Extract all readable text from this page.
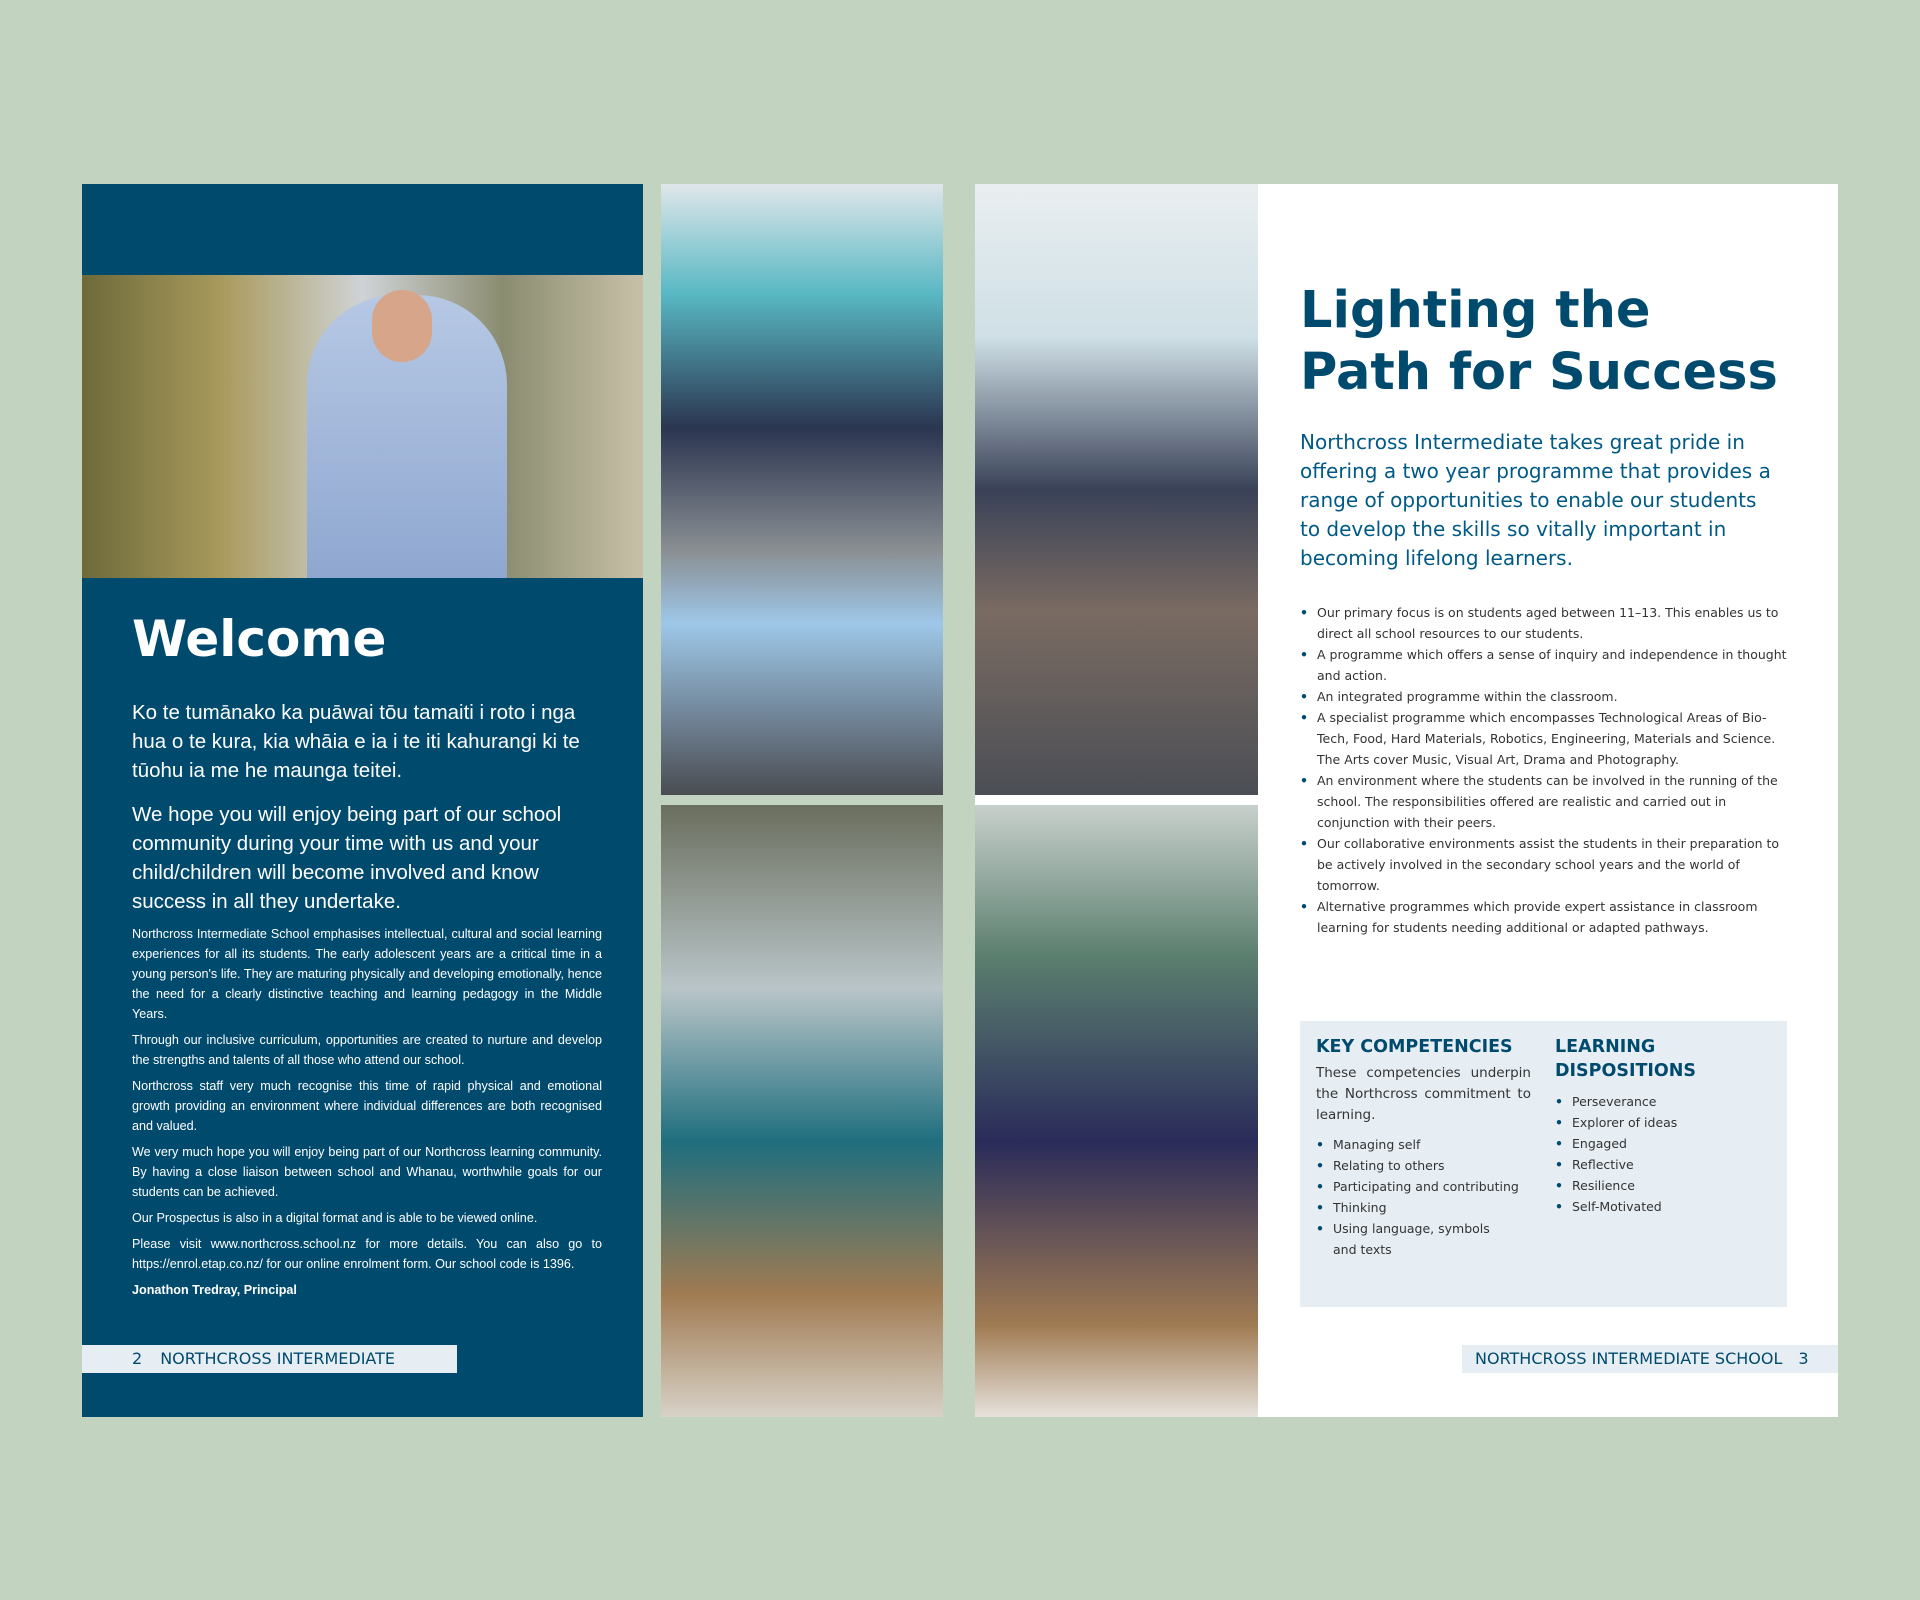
Welcome
Ko te tumānako ka puāwai tōu tamaiti i roto i nga hua o te kura, kia whāia e ia i te iti kahurangi ki te tūohu ia me he maunga teitei.
We hope you will enjoy being part of our school community during your time with us and your child/children will become involved and know success in all they undertake.

Northcross Intermediate School emphasises intellectual, cultural and social learning experiences for all its students. The early adolescent years are a critical time in a young person's life. They are maturing physically and developing emotionally, hence the need for a clearly distinctive teaching and learning pedagogy in the Middle Years.

Through our inclusive curriculum, opportunities are created to nurture and develop the strengths and talents of all those who attend our school.

Northcross staff very much recognise this time of rapid physical and emotional growth providing an environment where individual differences are both recognised and valued.

We very much hope you will enjoy being part of our Northcross learning community. By having a close liaison between school and Whanau, worthwhile goals for our students can be achieved.

Our Prospectus is also in a digital format and is able to be viewed online.

Please visit www.northcross.school.nz for more details. You can also go to https://enrol.etap.co.nz/ for our online enrolment form. Our school code is 1396.

Jonathon Tredray, Principal

2 NORTHCROSS INTERMEDIATE SCHOOL
Lighting the
Path for Success
Northcross Intermediate takes great pride in offering a two year programme that provides a range of opportunities to enable our students to develop the skills so vitally important in becoming lifelong learners.
• Our primary focus is on students aged between 11–13. This enables us to direct all school resources to our students.
• A programme which offers a sense of inquiry and independence in thought and action.
• An integrated programme within the classroom.
• A specialist programme which encompasses Technological Areas of Bio-Tech, Food, Hard Materials, Robotics, Engineering, Materials and Science. The Arts cover Music, Visual Art, Drama and Photography.
• An environment where the students can be involved in the running of the school. The responsibilities offered are realistic and carried out in conjunction with their peers.
• Our collaborative environments assist the students in their preparation to be actively involved in the secondary school years and the world of tomorrow.
• Alternative programmes which provide expert assistance in classroom learning for students needing additional or adapted pathways.
KEY COMPETENCIES

These competencies underpin the Northcross commitment to learning.

• Managing self
• Relating to others
• Participating and contributing
• Thinking
• Using language, symbols and texts
LEARNING DISPOSITIONS
• Perseverance
• Explorer of ideas
• Engaged
• Reflective
• Resilience
• Self-Motivated
NORTHCROSS INTERMEDIATE SCHOOL 3
